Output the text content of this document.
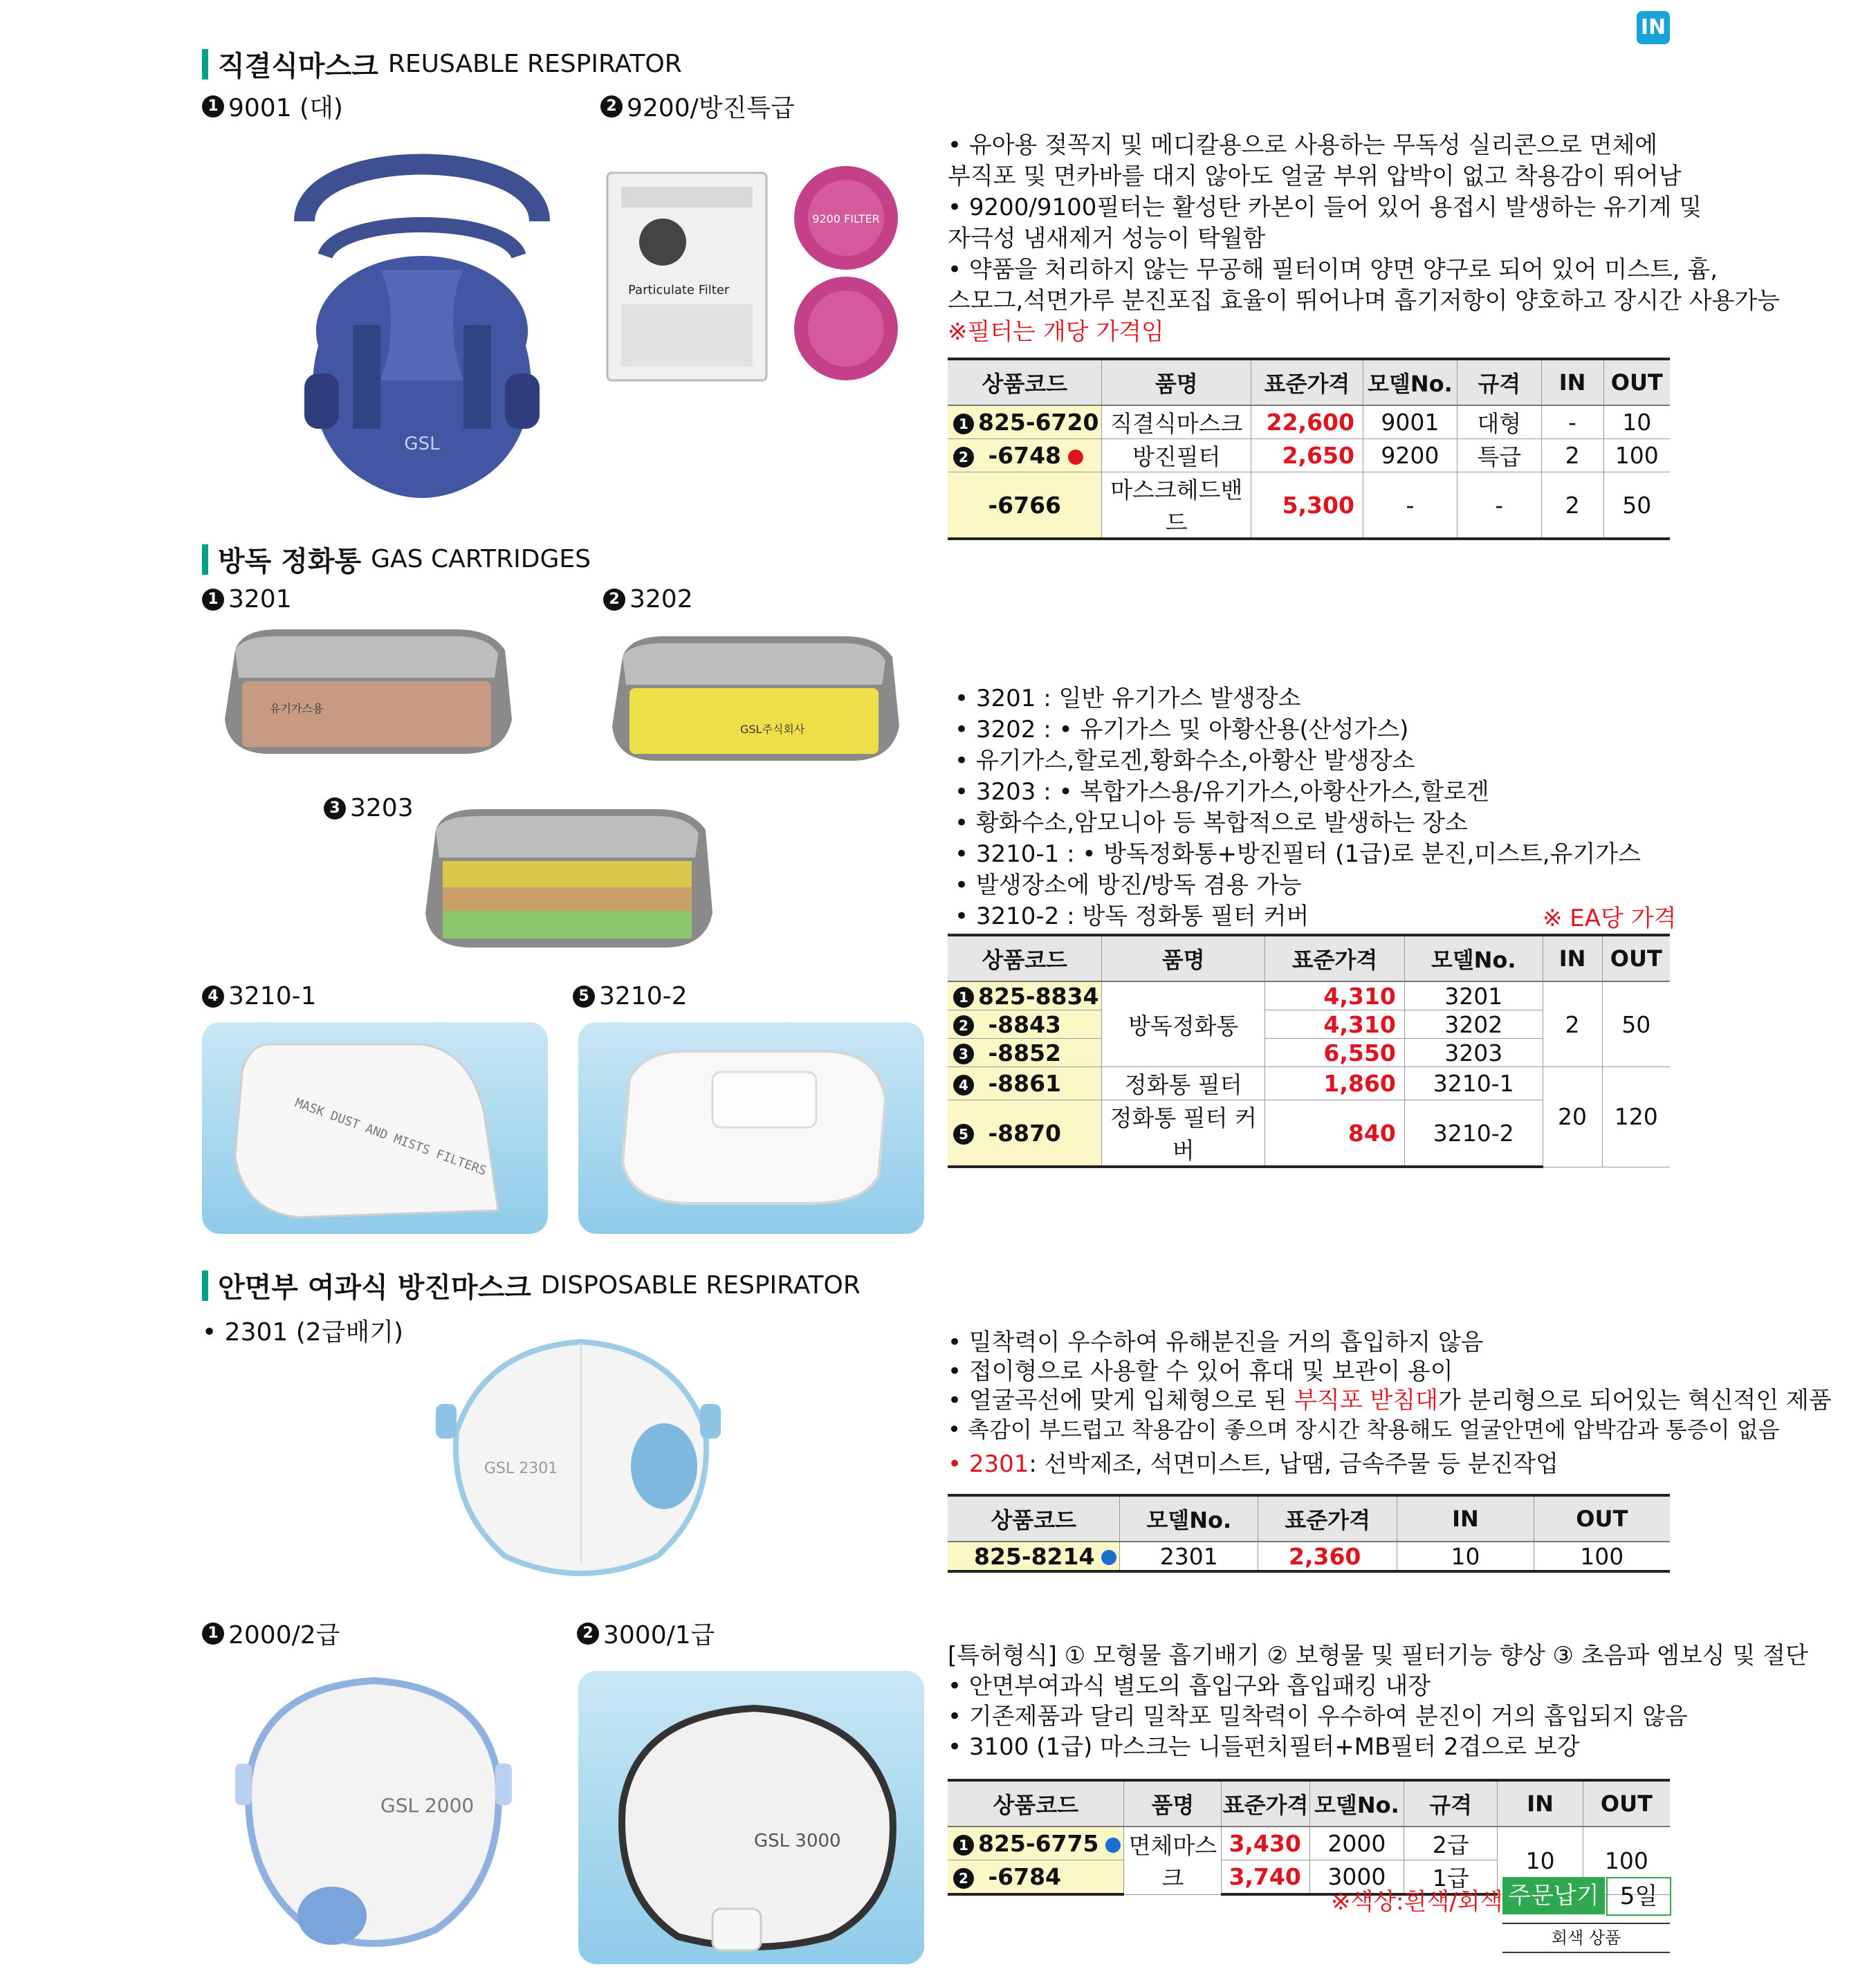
IN
직결식마스크 REUSABLE RESPIRATOR
1 9001 (대)	2 9200/방진특급
GSL
Particulate Filter
9200 FILTER
• 유아용 젖꼭지 및 메디칼용으로 사용하는 무독성 실리콘으로 면체에
부직포 및 면카바를 대지 않아도 얼굴 부위 압박이 없고 착용감이 뛰어남
• 9200/9100필터는 활성탄 카본이 들어 있어 용접시 발생하는 유기계 및
자극성 냄새제거 성능이 탁월함
• 약품을 처리하지 않는 무공해 필터이며 양면 양구로 되어 있어 미스트, 흄,
스모그,석면가루 분진포집 효율이 뛰어나며 흡기저항이 양호하고 장시간 사용가능
※필터는 개당 가격임
상품코드	품명	표준가격	모델No.	규격	IN	OUT
1 825-6720	직결식마스크	22,600	9001	대형	-	10
2 -6748	방진필터	2,650	9200	특급	2	100
-6766	마스크헤드밴드	5,300	-	-	2	50
방독 정화통 GAS CARTRIDGES
1 3201	2 3202
3 3203
4 3210-1	5 3210-2
유기가스용
GSL주식회사
MASK DUST AND MISTS FILTERS
• 3201 : 일반 유기가스 발생장소
• 3202 : • 유기가스 및 아황산용(산성가스)
• 유기가스,할로겐,황화수소,아황산 발생장소
• 3203 : • 복합가스용/유기가스,아황산가스,할로겐
• 황화수소,암모니아 등 복합적으로 발생하는 장소
• 3210-1 : • 방독정화통+방진필터 (1급)로 분진,미스트,유기가스
• 발생장소에 방진/방독 겸용 가능
• 3210-2 : 방독 정화통 필터 커버	※ EA당 가격
상품코드	품명	표준가격	모델No.	IN	OUT
1 825-8834	방독정화통	4,310	3201	2	50
2 -8843		4,310	3202		
3 -8852		6,550	3203		
4 -8861	정화통 필터	1,860	3210-1	20	120
5 -8870	정화통 필터 커버	840	3210-2		
안면부 여과식 방진마스크 DISPOSABLE RESPIRATOR
• 2301 (2급배기)
GSL 2301
• 밀착력이 우수하여 유해분진을 거의 흡입하지 않음
• 접이형으로 사용할 수 있어 휴대 및 보관이 용이
• 얼굴곡선에 맞게 입체형으로 된 부직포 받침대가 분리형으로 되어있는 혁신적인 제품
• 촉감이 부드럽고 착용감이 좋으며 장시간 착용해도 얼굴안면에 압박감과 통증이 없음
• 2301: 선박제조, 석면미스트, 납땜, 금속주물 등 분진작업
상품코드	모델No.	표준가격	IN	OUT
825-8214	2301	2,360	10	100
1 2000/2급	2 3000/1급
GSL 2000
GSL 3000
[특허형식] ① 모형물 흡기배기 ② 보형물 및 필터기능 향상 ③ 초음파 엠보싱 및 절단
• 안면부여과식 별도의 흡입구와 흡입패킹 내장
• 기존제품과 달리 밀착포 밀착력이 우수하여 분진이 거의 흡입되지 않음
• 3100 (1급) 마스크는 니들펀치필터+MB필터 2겹으로 보강
상품코드	품명	표준가격	모델No.	규격	IN	OUT
1 825-6775	면체마스크	3,430	2000	2급	10	100
2 -6784		3,740	3000	1급		
※색상:흰색/회색 주문납기 5일
회색 상품
